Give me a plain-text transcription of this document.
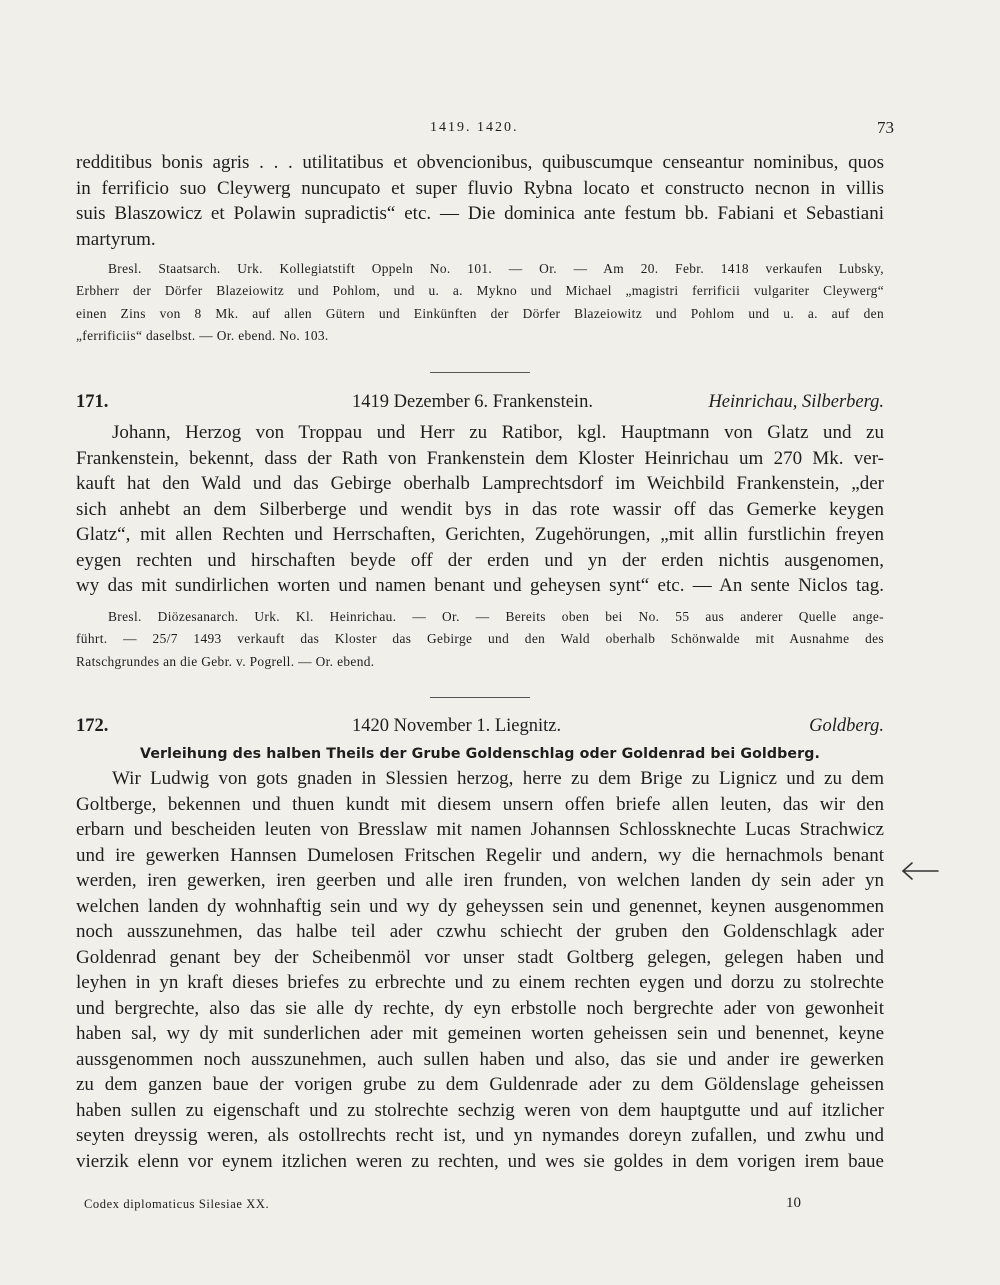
1419. 1420.	73

redditibus bonis agris . . . utilitatibus et obvencionibus, quibuscumque censeantur nominibus, quos

in ferrificio suo Cleywerg nuncupato et super fluvio Rybna locato et constructo necnon in villis

suis Blaszowicz et Polawin supradictis“ etc. — Die dominica ante festum bb. Fabiani et Sebastiani

martyrum.

Bresl. Staatsarch. Urk. Kollegiatstift Oppeln No. 101. — Or. — Am 20. Febr. 1418 verkaufen Lubsky,

Erbherr der Dörfer Blazeiowitz und Pohlom, und u. a. Mykno und Michael „magistri ferrificii vulgariter Cleywerg“

einen Zins von 8 Mk. auf allen Gütern und Einkünften der Dörfer Blazeiowitz und Pohlom und u. a. auf den

„ferrificiis“ daselbst. — Or. ebend. No. 103.

171.	1419 Dezember 6. Frankenstein.	Heinrichau, Silberberg.

Johann, Herzog von Troppau und Herr zu Ratibor, kgl. Hauptmann von Glatz und zu

Frankenstein, bekennt, dass der Rath von Frankenstein dem Kloster Heinrichau um 270 Mk. ver-

kauft hat den Wald und das Gebirge oberhalb Lamprechtsdorf im Weichbild Frankenstein, „der

sich anhebt an dem Silberberge und wendit bys in das rote wassir off das Gemerke keygen

Glatz“, mit allen Rechten und Herrschaften, Gerichten, Zugehörungen, „mit allin furstlichin freyen

eygen rechten und hirschaften beyde off der erden und yn der erden nichtis ausgenomen,

wy das mit sundirlichen worten und namen benant und geheysen synt“ etc. — An sente Niclos tag.

Bresl. Diözesanarch. Urk. Kl. Heinrichau. — Or. — Bereits oben bei No. 55 aus anderer Quelle ange-

führt. — 25/7 1493 verkauft das Kloster das Gebirge und den Wald oberhalb Schönwalde mit Ausnahme des

Ratschgrundes an die Gebr. v. Pogrell. — Or. ebend.

172.	1420 November 1. Liegnitz.	Goldberg.
Verleihung des halben Theils der Grube Goldenschlag oder Goldenrad bei Goldberg.

Wir Ludwig von gots gnaden in Slessien herzog, herre zu dem Brige zu Lignicz und zu dem

Goltberge, bekennen und thuen kundt mit diesem unsern offen briefe allen leuten, das wir den

erbarn und bescheiden leuten von Bresslaw mit namen Johannsen Schlossknechte Lucas Strachwicz

und ire gewerken Hannsen Dumelosen Fritschen Regelir und andern, wy die hernachmols benant

werden, iren gewerken, iren geerben und alle iren frunden, von welchen landen dy sein ader yn

welchen landen dy wohnhaftig sein und wy dy geheyssen sein und genennet, keynen ausgenommen

noch ausszunehmen, das halbe teil ader czwhu schiecht der gruben den Goldenschlagk ader

Goldenrad genant bey der Scheibenmöl vor unser stadt Goltberg gelegen, gelegen haben und

leyhen in yn kraft dieses briefes zu erbrechte und zu einem rechten eygen und dorzu zu stolrechte

und bergrechte, also das sie alle dy rechte, dy eyn erbstolle noch bergrechte ader von gewonheit

haben sal, wy dy mit sunderlichen ader mit gemeinen worten geheissen sein und benennet, keyne

aussgenommen noch ausszunehmen, auch sullen haben und also, das sie und ander ire gewerken

zu dem ganzen baue der vorigen grube zu dem Guldenrade ader zu dem Göldenslage geheissen

haben sullen zu eigenschaft und zu stolrechte sechzig weren von dem hauptgutte und auf itzlicher

seyten dreyssig weren, als ostollrechts recht ist, und yn nymandes doreyn zufallen, und zwhu und

vierzik elenn vor eynem itzlichen weren zu rechten, und wes sie goldes in dem vorigen irem baue

Codex diplomaticus Silesiae XX.	10
